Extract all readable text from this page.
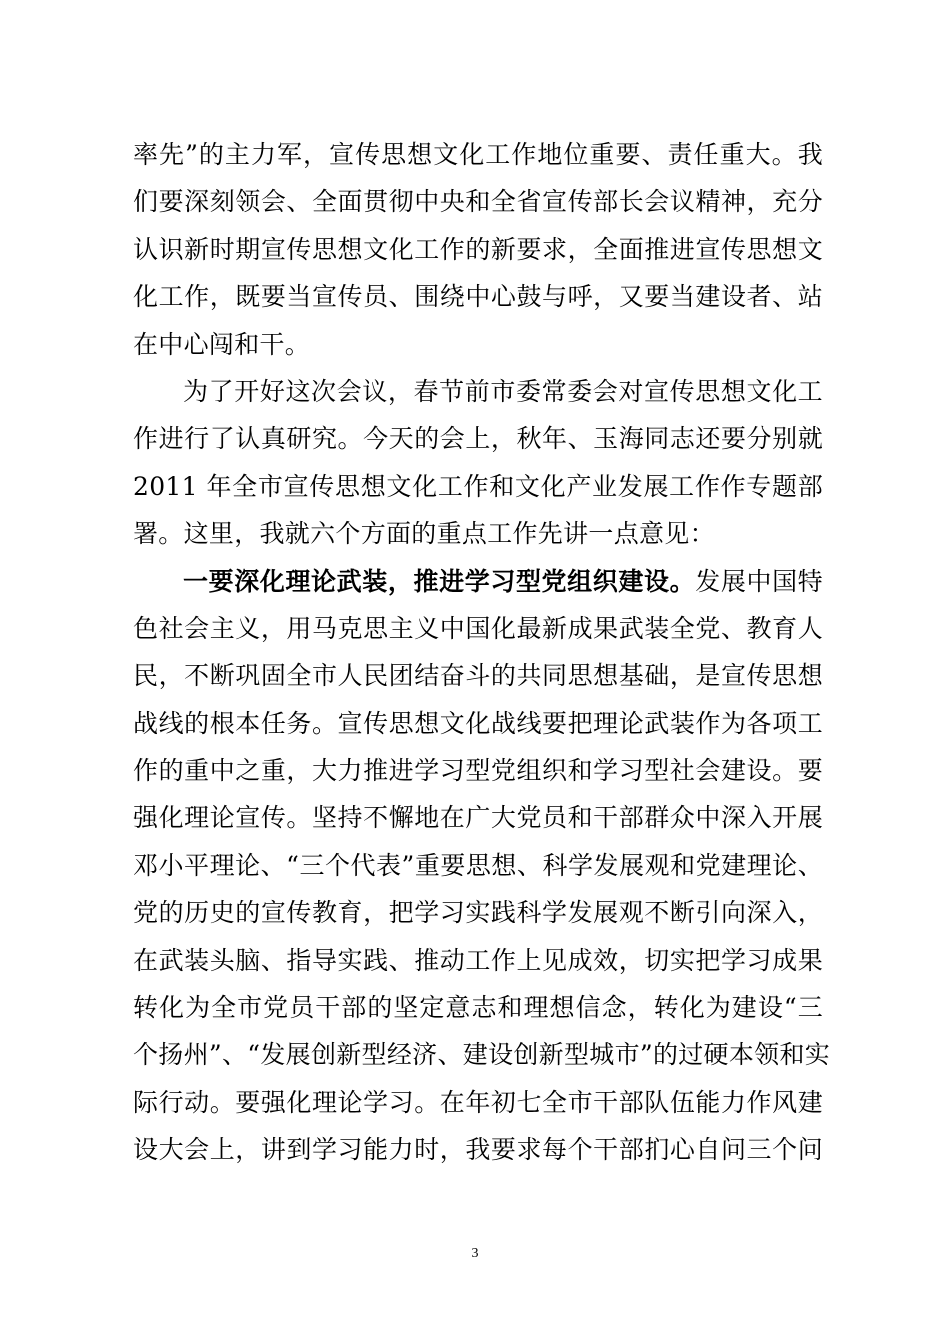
率先”的主力军，宣传思想文化工作地位重要、责任重大。我
们要深刻领会、全面贯彻中央和全省宣传部长会议精神，充分
认识新时期宣传思想文化工作的新要求，全面推进宣传思想文
化工作，既要当宣传员、围绕中心鼓与呼，又要当建设者、站
在中心闯和干。
为了开好这次会议，春节前市委常委会对宣传思想文化工
作进行了认真研究。今天的会上，秋年、玉海同志还要分别就
2011 年全市宣传思想文化工作和文化产业发展工作作专题部
署。这里，我就六个方面的重点工作先讲一点意见：
一要深化理论武装，推进学习型党组织建设。发展中国特
色社会主义，用马克思主义中国化最新成果武装全党、教育人
民，不断巩固全市人民团结奋斗的共同思想基础，是宣传思想
战线的根本任务。宣传思想文化战线要把理论武装作为各项工
作的重中之重，大力推进学习型党组织和学习型社会建设。要
强化理论宣传。坚持不懈地在广大党员和干部群众中深入开展
邓小平理论、“三个代表”重要思想、科学发展观和党建理论、
党的历史的宣传教育，把学习实践科学发展观不断引向深入，
在武装头脑、指导实践、推动工作上见成效，切实把学习成果
转化为全市党员干部的坚定意志和理想信念，转化为建设“三
个扬州”、“发展创新型经济、建设创新型城市”的过硬本领和实
际行动。要强化理论学习。在年初七全市干部队伍能力作风建
设大会上，讲到学习能力时，我要求每个干部扪心自问三个问
3
